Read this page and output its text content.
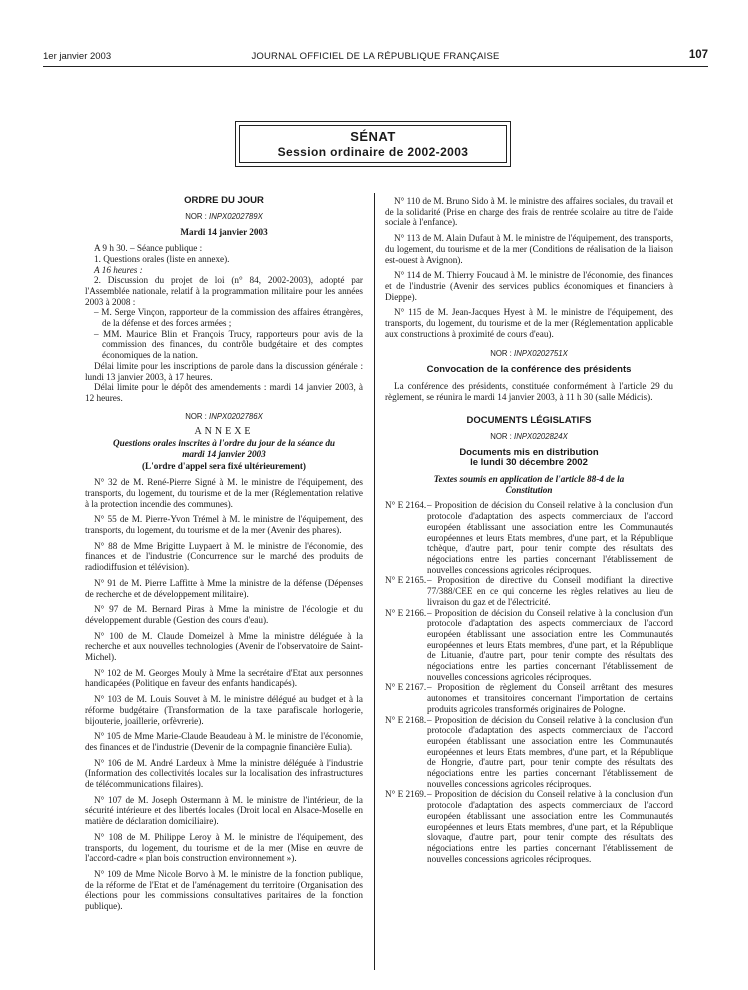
1er janvier 2003	JOURNAL OFFICIEL DE LA RÉPUBLIQUE FRANÇAISE	107
SÉNAT
Session ordinaire de 2002-2003

ORDRE DU JOUR

NOR : INPX0202789X

Mardi 14 janvier 2003

A 9 h 30. – Séance publique :

1. Questions orales (liste en annexe).

A 16 heures :

2. Discussion du projet de loi (n° 84, 2002-2003), adopté par l'Assemblée nationale, relatif à la programmation militaire pour les années 2003 à 2008 :

– M. Serge Vinçon, rapporteur de la commission des affaires étrangères, de la défense et des forces armées ;

– MM. Maurice Blin et François Trucy, rapporteurs pour avis de la commission des finances, du contrôle budgétaire et des comptes économiques de la nation.

Délai limite pour les inscriptions de parole dans la discussion générale : lundi 13 janvier 2003, à 17 heures.

Délai limite pour le dépôt des amendements : mardi 14 janvier 2003, à 12 heures.

NOR : INPX0202786X

ANNEXE

Questions orales inscrites à l'ordre du jour de la séance du mardi 14 janvier 2003

(L'ordre d'appel sera fixé ultérieurement)

N° 32 de M. René-Pierre Signé à M. le ministre de l'équipement, des transports, du logement, du tourisme et de la mer (Réglementation relative à la protection incendie des communes).

N° 55 de M. Pierre-Yvon Trémel à M. le ministre de l'équipement, des transports, du logement, du tourisme et de la mer (Avenir des phares).

N° 88 de Mme Brigitte Luypaert à M. le ministre de l'économie, des finances et de l'industrie (Concurrence sur le marché des produits de radiodiffusion et télévision).

N° 91 de M. Pierre Laffitte à Mme la ministre de la défense (Dépenses de recherche et de développement militaire).

N° 97 de M. Bernard Piras à Mme la ministre de l'écologie et du développement durable (Gestion des cours d'eau).

N° 100 de M. Claude Domeizel à Mme la ministre déléguée à la recherche et aux nouvelles technologies (Avenir de l'observatoire de Saint-Michel).

N° 102 de M. Georges Mouly à Mme la secrétaire d'Etat aux personnes handicapées (Politique en faveur des enfants handicapés).

N° 103 de M. Louis Souvet à M. le ministre délégué au budget et à la réforme budgétaire (Transformation de la taxe parafiscale horlogerie, bijouterie, joaillerie, orfèvrerie).

N° 105 de Mme Marie-Claude Beaudeau à M. le ministre de l'économie, des finances et de l'industrie (Devenir de la compagnie financière Eulia).

N° 106 de M. André Lardeux à Mme la ministre déléguée à l'industrie (Information des collectivités locales sur la localisation des infrastructures de télécommunications filaires).

N° 107 de M. Joseph Ostermann à M. le ministre de l'intérieur, de la sécurité intérieure et des libertés locales (Droit local en Alsace-Moselle en matière de déclaration domiciliaire).

N° 108 de M. Philippe Leroy à M. le ministre de l'équipement, des transports, du logement, du tourisme et de la mer (Mise en œuvre de l'accord-cadre « plan bois construction environnement »).

N° 109 de Mme Nicole Borvo à M. le ministre de la fonction publique, de la réforme de l'Etat et de l'aménagement du territoire (Organisation des élections pour les commissions consultatives paritaires de la fonction publique).

N° 110 de M. Bruno Sido à M. le ministre des affaires sociales, du travail et de la solidarité (Prise en charge des frais de rentrée scolaire au titre de l'aide sociale à l'enfance).

N° 113 de M. Alain Dufaut à M. le ministre de l'équipement, des transports, du logement, du tourisme et de la mer (Conditions de réalisation de la liaison est-ouest à Avignon).

N° 114 de M. Thierry Foucaud à M. le ministre de l'économie, des finances et de l'industrie (Avenir des services publics économiques et financiers à Dieppe).

N° 115 de M. Jean-Jacques Hyest à M. le ministre de l'équipement, des transports, du logement, du tourisme et de la mer (Réglementation applicable aux constructions à proximité de cours d'eau).

NOR : INPX0202751X

Convocation de la conférence des présidents

La conférence des présidents, constituée conformément à l'article 29 du règlement, se réunira le mardi 14 janvier 2003, à 11 h 30 (salle Médicis).

DOCUMENTS LÉGISLATIFS

NOR : INPX0202824X

Documents mis en distribution

le lundi 30 décembre 2002

Textes soumis en application de l'article 88-4 de la Constitution

N° E 2164. – Proposition de décision du Conseil relative à la conclusion d'un protocole d'adaptation des aspects commerciaux de l'accord européen établissant une association entre les Communautés européennes et leurs Etats membres, d'une part, et la République tchèque, d'autre part, pour tenir compte des résultats des négociations entre les parties concernant l'établissement de nouvelles concessions agricoles réciproques.
N° E 2165. – Proposition de directive du Conseil modifiant la directive 77/388/CEE en ce qui concerne les règles relatives au lieu de livraison du gaz et de l'électricité.
N° E 2166. – Proposition de décision du Conseil relative à la conclusion d'un protocole d'adaptation des aspects commerciaux de l'accord européen établissant une association entre les Communautés européennes et leurs Etats membres, d'une part, et la République de Lituanie, d'autre part, pour tenir compte des résultats des négociations entre les parties concernant l'établissement de nouvelles concessions agricoles réciproques.
N° E 2167. – Proposition de règlement du Conseil arrêtant des mesures autonomes et transitoires concernant l'importation de certains produits agricoles transformés originaires de Pologne.
N° E 2168. – Proposition de décision du Conseil relative à la conclusion d'un protocole d'adaptation des aspects commerciaux de l'accord européen établissant une association entre les Communautés européennes et leurs Etats membres, d'une part, et la République de Hongrie, d'autre part, pour tenir compte des résultats des négociations entre les parties concernant l'établissement de nouvelles concessions agricoles réciproques.
N° E 2169. – Proposition de décision du Conseil relative à la conclusion d'un protocole d'adaptation des aspects commerciaux de l'accord européen établissant une association entre les Communautés européennes et leurs Etats membres, d'une part, et la République slovaque, d'autre part, pour tenir compte des résultats des négociations entre les parties concernant l'établissement de nouvelles concessions agricoles réciproques.
